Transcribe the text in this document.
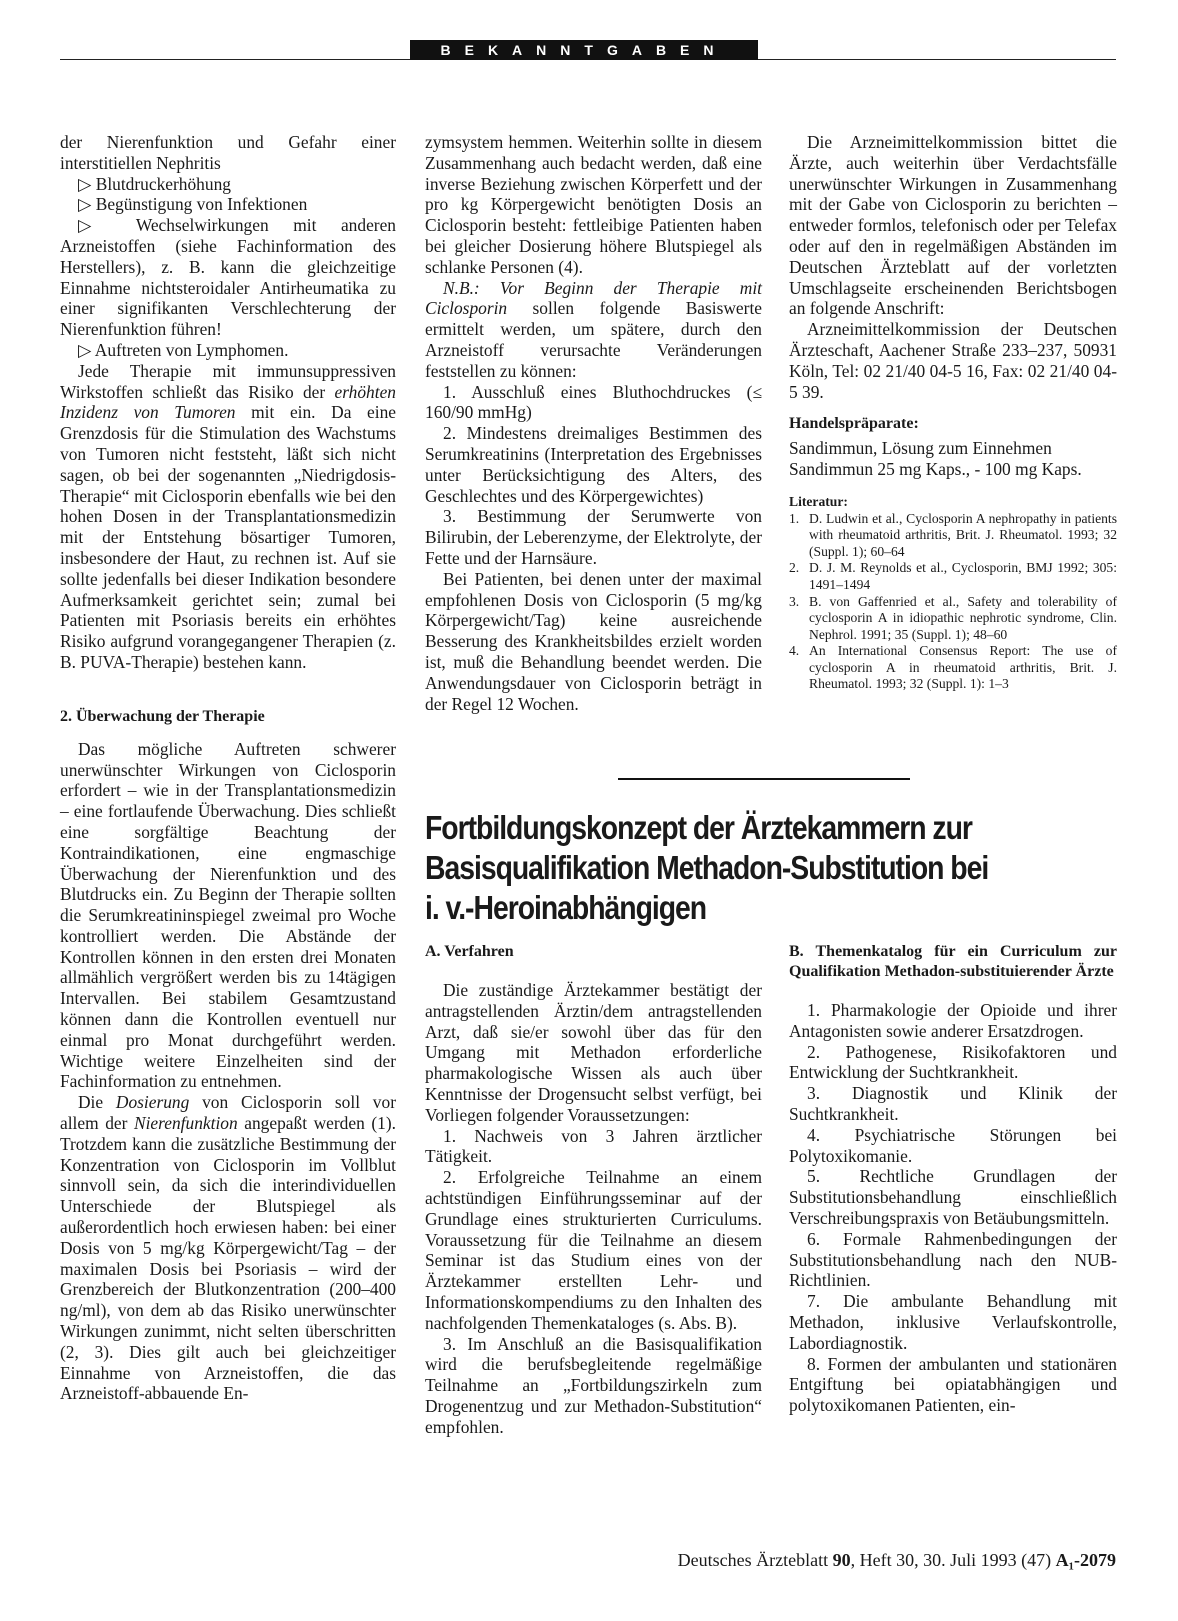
BEKANNTGABEN

der Nierenfunktion und Gefahr einer interstitiellen Nephritis

▷ Blutdruckerhöhung

▷ Begünstigung von Infektionen

▷ Wechselwirkungen mit anderen Arzneistoffen (siehe Fachinformation des Herstellers), z. B. kann die gleichzeitige Einnahme nichtsteroidaler Antirheumatika zu einer signifikanten Verschlechterung der Nierenfunktion führen!

▷ Auftreten von Lymphomen.

Jede Therapie mit immunsuppressiven Wirkstoffen schließt das Risiko der erhöhten Inzidenz von Tumoren mit ein. Da eine Grenzdosis für die Stimulation des Wachstums von Tumoren nicht feststeht, läßt sich nicht sagen, ob bei der sogenannten „Niedrigdosis-Therapie“ mit Ciclosporin ebenfalls wie bei den hohen Dosen in der Transplantationsmedizin mit der Entstehung bösartiger Tumoren, insbesondere der Haut, zu rechnen ist. Auf sie sollte jedenfalls bei dieser Indikation besondere Aufmerksamkeit gerichtet sein; zumal bei Patienten mit Psoriasis bereits ein erhöhtes Risiko aufgrund vorangegangener Therapien (z. B. PUVA-Therapie) bestehen kann.

2. Überwachung der Therapie

Das mögliche Auftreten schwerer unerwünschter Wirkungen von Ciclosporin erfordert – wie in der Transplantationsmedizin – eine fortlaufende Überwachung. Dies schließt eine sorgfältige Beachtung der Kontraindikationen, eine engmaschige Überwachung der Nierenfunktion und des Blutdrucks ein. Zu Beginn der Therapie sollten die Serumkreatininspiegel zweimal pro Woche kontrolliert werden. Die Abstände der Kontrollen können in den ersten drei Monaten allmählich vergrößert werden bis zu 14tägigen Intervallen. Bei stabilem Gesamtzustand können dann die Kontrollen eventuell nur einmal pro Monat durchgeführt werden. Wichtige weitere Einzelheiten sind der Fachinformation zu entnehmen.

Die Dosierung von Ciclosporin soll vor allem der Nierenfunktion angepaßt werden (1). Trotzdem kann die zusätzliche Bestimmung der Konzentration von Ciclosporin im Vollblut sinnvoll sein, da sich die interindividuellen Unterschiede der Blutspiegel als außerordentlich hoch erwiesen haben: bei einer Dosis von 5 mg/kg Körpergewicht/Tag – der maximalen Dosis bei Psoriasis – wird der Grenzbereich der Blutkonzentration (200–400 ng/ml), von dem ab das Risiko unerwünschter Wirkungen zunimmt, nicht selten überschritten (2, 3). Dies gilt auch bei gleichzeitiger Einnahme von Arzneistoffen, die das Arzneistoff-abbauende En-

zymsystem hemmen. Weiterhin sollte in diesem Zusammenhang auch bedacht werden, daß eine inverse Beziehung zwischen Körperfett und der pro kg Körpergewicht benötigten Dosis an Ciclosporin besteht: fettleibige Patienten haben bei gleicher Dosierung höhere Blutspiegel als schlanke Personen (4).

N.B.: Vor Beginn der Therapie mit Ciclosporin sollen folgende Basiswerte ermittelt werden, um spätere, durch den Arzneistoff verursachte Veränderungen feststellen zu können:

1. Ausschluß eines Bluthochdruckes (≤ 160/90 mmHg)

2. Mindestens dreimaliges Bestimmen des Serumkreatinins (Interpretation des Ergebnisses unter Berücksichtigung des Alters, des Geschlechtes und des Körpergewichtes)

3. Bestimmung der Serumwerte von Bilirubin, der Leberenzyme, der Elektrolyte, der Fette und der Harnsäure.

Bei Patienten, bei denen unter der maximal empfohlenen Dosis von Ciclosporin (5 mg/kg Körpergewicht/Tag) keine ausreichende Besserung des Krankheitsbildes erzielt worden ist, muß die Behandlung beendet werden. Die Anwendungsdauer von Ciclosporin beträgt in der Regel 12 Wochen.

Die Arzneimittelkommission bittet die Ärzte, auch weiterhin über Verdachtsfälle unerwünschter Wirkungen in Zusammenhang mit der Gabe von Ciclosporin zu berichten – entweder formlos, telefonisch oder per Telefax oder auf den in regelmäßigen Abständen im Deutschen Ärzteblatt auf der vorletzten Umschlagseite erscheinenden Berichtsbogen an folgende Anschrift:

Arzneimittelkommission der Deutschen Ärzteschaft, Aachener Straße 233–237, 50931 Köln, Tel: 02 21/40 04-5 16, Fax: 02 21/40 04-5 39.

Handelspräparate:

Sandimmun, Lösung zum Einnehmen

Sandimmun 25 mg Kaps., - 100 mg Kaps.

Literatur:
1. D. Ludwin et al., Cyclosporin A nephropathy in patients with rheumatoid arthritis, Brit. J. Rheumatol. 1993; 32 (Suppl. 1); 60–64
2. D. J. M. Reynolds et al., Cyclosporin, BMJ 1992; 305: 1491–1494
3. B. von Gaffenried et al., Safety and tolerability of cyclosporin A in idiopathic nephrotic syndrome, Clin. Nephrol. 1991; 35 (Suppl. 1); 48–60
4. An International Consensus Report: The use of cyclosporin A in rheumatoid arthritis, Brit. J. Rheumatol. 1993; 32 (Suppl. 1): 1–3
Fortbildungskonzept der Ärztekammern zur
Basisqualifikation Methadon-Substitution bei
i. v.-Heroinabhängigen
A. Verfahren

Die zuständige Ärztekammer bestätigt der antragstellenden Ärztin/dem antragstellenden Arzt, daß sie/er sowohl über das für den Umgang mit Methadon erforderliche pharmakologische Wissen als auch über Kenntnisse der Drogensucht selbst verfügt, bei Vorliegen folgender Voraussetzungen:

1. Nachweis von 3 Jahren ärztlicher Tätigkeit.

2. Erfolgreiche Teilnahme an einem achtstündigen Einführungsseminar auf der Grundlage eines strukturierten Curriculums. Voraussetzung für die Teilnahme an diesem Seminar ist das Studium eines von der Ärztekammer erstellten Lehr- und Informationskompendiums zu den Inhalten des nachfolgenden Themenkataloges (s. Abs. B).

3. Im Anschluß an die Basisqualifikation wird die berufsbegleitende regelmäßige Teilnahme an „Fortbildungszirkeln zum Drogenentzug und zur Methadon-Substitution“ empfohlen.

B. Themenkatalog für ein Curriculum zur Qualifikation Methadon-substituierender Ärzte

1. Pharmakologie der Opioide und ihrer Antagonisten sowie anderer Ersatzdrogen.

2. Pathogenese, Risikofaktoren und Entwicklung der Suchtkrankheit.

3. Diagnostik und Klinik der Suchtkrankheit.

4. Psychiatrische Störungen bei Polytoxikomanie.

5. Rechtliche Grundlagen der Substitutionsbehandlung einschließlich Verschreibungspraxis von Betäubungsmitteln.

6. Formale Rahmenbedingungen der Substitutionsbehandlung nach den NUB-Richtlinien.

7. Die ambulante Behandlung mit Methadon, inklusive Verlaufskontrolle, Labordiagnostik.

8. Formen der ambulanten und stationären Entgiftung bei opiatabhängigen und polytoxikomanen Patienten, ein-

Deutsches Ärzteblatt 90, Heft 30, 30. Juli 1993 (47) A₁-2079
